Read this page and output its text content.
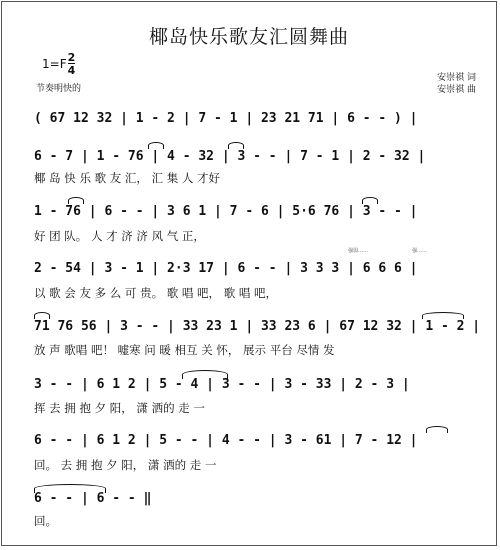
椰岛快乐歌友汇圆舞曲
$1=F \frac{2}{4}$
节奏明快的
安崇祺 词
安崇祺 曲
( 67 12 32 | 1 - 2 | 7 - 1 | 23 21 71 | 6 - - ) |
6 - 7 | 1 - 76 | 4 - 32 | 3 - - | 7 - 1 | 2 - 32 |
椰 岛 快 乐 歌 友 汇， 汇 集 人 才好
1 - 76 | 6 - - | 3 6 1 | 7 - 6 | 5·6 76 | 3 - - |
好 团 队。 人 才 济 济 风 气 正，
强弱……	强……
2 - 54 | 3 - 1 | 2·3 17 | 6 - - | 3 3 3 | 6 6 6 |
以 歌 会 友 多 么 可 贵。 歌 唱 吧， 歌 唱 吧，
71 76 56 | 3 - - | 33 23 1 | 33 23 6 | 67 12 32 | 1 - 2 |
放 声 歌唱 吧！ 嘘寒 问 暖 相互 关 怀， 展示 平台 尽情 发
3 - - | 6 1 2 | 5 - 4 | 3 - - | 3 - 33 | 2 - 3 |
挥 去 拥 抱 夕 阳， 潇 洒的 走 一
6 - - | 6 1 2 | 5 - - | 4 - - | 3 - 61 | 7 - 12 |
回。 去 拥 抱 夕 阳， 潇 洒的 走 一
6 - - | 6 - - ‖
回。
